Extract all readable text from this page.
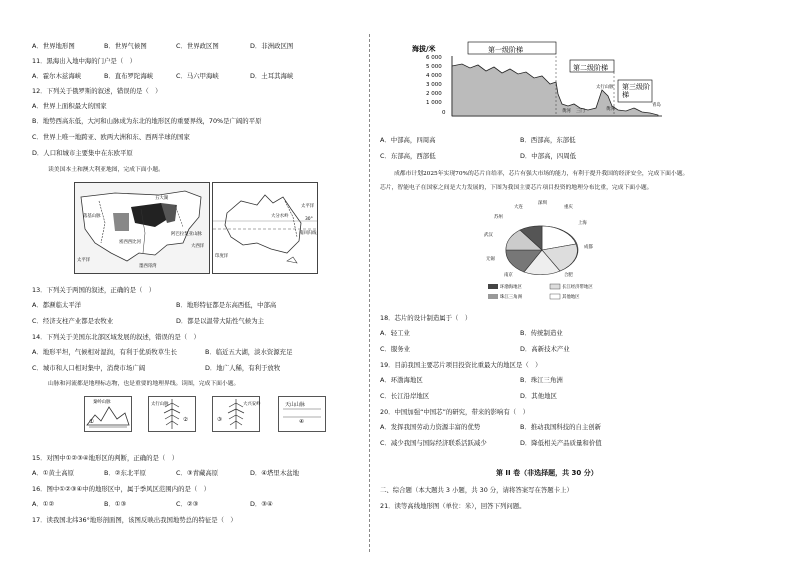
A．世界地形图	B．世界气候图	C．世界政区图	D．非洲政区图
11．黑海出入地中海的门户是（　）
A．霍尔木兹海峡	B．直布罗陀海峡	C．马六甲海峡	D．土耳其海峡
12．下列关于俄罗斯的叙述，错误的是（　）
A．世界上面积最大的国家
B．地势西高东低，大河和山脉成为东北的地形区的重要界线，70%是广阔的平原
C．世界上唯一地跨亚、欧两大洲和东、西两半球的国家
D．人口和城市主要集中在东欧平原
读美国本土和澳大利亚地图，完成下面小题。
落基山脉
阿巴拉契亚山脉
五大湖
墨西哥湾
密西西比河
大西洋
太平洋
印度洋
太平洋
大分水岭
30°
南回归线
13．下列关于两国的叙述，正确的是（　）
A．都濒临太平洋	B．地形特征都是东高西低，中部高
C．经济支柱产业都是农牧业	D．都是以温带大陆性气候为主
14．下列关于美国东北部区域发展的叙述，错误的是（　）
A．地形平坦，气候相对湿润，有利于优质牧草生长	B．临近五大湖，淡水资源充足
C．城市和人口相对集中，消费市场广阔	D．地广人稀，有利于放牧
山脉和河流都是地理标志物，也是重要的地理界线。读图，完成下面小题。
秦岭山脉
①
太行山脉
②
大兴安岭
③
天山山脉
④
15．对图中①②③④地形区的判断，正确的是（　）
A．①黄土高原	B．②东北平原	C．③青藏高原	D．④塔里木盆地
16．图中①②③④中的地形区中，属于季风区范围内的是（　）
A．①②	B．①③	C．②③	D．③④
17．读我国北纬36°地形剖面图，该图反映出我国地势总的特征是（　）
海拔/米
6 000
5 000
4 000
3 000
2 000
1 000
0
第一级阶梯
第二级阶梯
第三级阶梯
黄河 三门
太行山脉
黄河
青岛
A．中部高，四周高	B．西部高，东部低
C．东部高，西部低	D．中部高，四周低
成都市计划2025年实现70%的芯片自给率，芯片有强大市场的能力，有利于提升我国的经济安全，完成下面小题。
芯片，智能电子在国家之间是大力发展的，下图为我国主要芯片项目投资的地理分布比重，完成下面小题。
大连
深圳
重庆
上海
成都
合肥
南京
无锡
武汉
苏州
环渤海地区	长江经济带地区
珠江三角洲	其他地区
18．芯片的设计制造属于（　）
A．轻工业	B．传统制造业
C．服务业	D．高新技术产业
19．目前我国主要芯片项目投资比重最大的地区是（　）
A．环渤海地区	B．珠江三角洲
C．长江沿岸地区	D．其他地区
20．中国加强“中国芯”的研究，带来的影响有（　）
A．发挥我国劳动力资源丰富的优势	B．推动我国科技的自主创新
C．减少我国与国际经济联系活跃减少	D．降低相关产品质量和价值
第 II 卷（非选择题，共 30 分）
二、综合题（本大题共 3 小题，共 30 分，请将答案写在答题卡上）
21．读等高线地形图（单位：米），回答下列问题。
